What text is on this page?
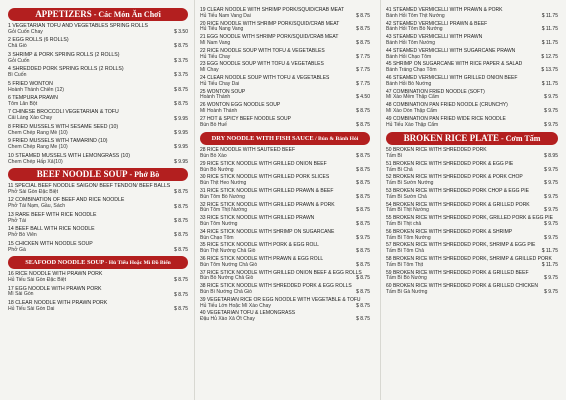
APPETIZERS - Các Món Ăn Chơi
1 VEGETARIAN TOFU AND VEGETABLES SPRING ROLLS
Gỏi Cuốn Chay	$ 3.50
2 EGG ROLLS (6 ROLLS)
Chả Giò	$ 8.75
3 SHRIMP & PORK SPRING ROLLS (2 ROLLS)
Gỏi Cuốn	$ 3.75
4 SHREDDED PORK SPRING ROLLS (2 ROLLS)
Bì Cuốn	$ 3.75
5 FRIED WONTON
Hoành Thánh Chiên (12)	$ 8.75
6 TEMPURA PRAWN
Tôm Lăn Bột	$ 8.75
7 CHINESE BROCCOLI VEGETARIAN & TOFU
Cải Làng Xào Chay	$ 9.95
8 FRIED MUSSELS WITH SESAME SEED (10)
Chem Chép Rang Mè (10)	$ 9.95
9 FRIED MUSSELS WITH TAMARIND (10)
Chem Chép Rang Me (10)	$ 9.95
10 STEAMED MUSSELS WITH LEMONGRASS (10)
Chem Chép Hấp Xả(10)	$ 9.95
BEEF NOODLE SOUP - Phở Bò
11 SPECIAL BEEF NOODLE SAIGON/ BEEF TENDON/ BEEF BALLS
Phở Sài Gòn Đặc Biệt	$ 8.75
12 COMBINATION OF BEEF AND RICE NOODLE
Phở Tái Nạm, Gầu, Sách	$ 8.75
13 RARE BEEF WITH RICE NOODLE
Phở Tái	$ 8.75
14 BEEF BALL WITH RICE NOODLE
Phở Bò Viên	$ 8.75
15 CHICKEN WITH NOODLE SOUP
Phở Gà	$ 8.75
SEAFOOD NOODLE SOUP - Hủ Tiếu Hoặc Mì Đồ Biển
16 RICE NOODLE WITH PRAWN PORK
Hủ Tiếu Sài Gòn Đặc Biệt	$ 8.75
17 EGG NOODLE WITH PRAWN PORK
Mì Sài Gòn	$ 8.75
18 CLEAR NOODLE WITH PRAWN PORK
Hủ Tiếu Sài Gòn Dai	$ 8.75
19 CLEAR NOODLE WITH SHRIMP PORK/SQUID/CRAB MEAT
Hủ Tiếu Nam Vang Dai	$ 8.75
20 RICE NOODLE WITH SHRIMP PORK/SQUID/CRAB MEAT
Hủ Tiếu Nang Vang	$ 8.75
21 EGG NOODLE WITH SHRIMP PORK/SQUID/CRAB MEAT
Mì Nam Vang	$ 8.75
22 RICE NOODLE SOUP WITH TOFU & VEGETABLES
Hủ Tiếu Chay	$ 7.75
23 EGG NOODLE SOUP WITH TOFU & VEGETABLES
Mì Chay	$ 7.75
24 CLEAR NOODLE SOUP WITH TOFU & VEGETABLES
Hủ Tiếu Chay Dai	$ 7.75
25 WONTON SOUP
Hoành Thánh	$ 4.50
26 WONTON EGG NOODLE SOUP
Mì Hoành Thánh	$ 8.75
27 HOT & SPICY BEEF NOODLE SOUP
Bún Bò Huế	$ 8.75
DRY NOODLE WITH FISH SAUCE / Bún & Bánh Hỏi
28 RICE NOODLE WITH SAUTEED BEEF
Bún Bò Xào	$ 8.75
29 RICE STICK NOODLE WITH GRILLED ONION BEEF
Bún Bò Nướng	$ 8.75
30 RICE STICK NOODLE WITH GRILLED PORK SLICES
Bún Thịt Heo Nướng	$ 8.75
31 RICE STICK NOODLE WITH GRILLED PRAWN & BEEF
Bún Tôm Bò Nướng	$ 8.75
32 RICE STICK NOODLE WITH GRILLED PRAWN & PORK
Bún Tôm Thịt Nướng	$ 8.75
33 RICE STICK NOODLE WITH GRILLED PRAWN
Bún Tôm Nướng	$ 8.75
34 RICE STICK NOODLE WITH SHRIMP ON SUGARCANE
Bún Chạo Tôm	$ 9.75
35 RICE STICK NOODLE WITH PORK & EGG ROLL
Bún Thịt Nướng Chả Giò	$ 8.75
36 RICE STICK NOODLE WITH PRAWN & EGG ROLL
Bún Tôm Nướng Chả Giò	$ 8.75
37 RICE STICK NOODLE WITH GRILLED ONION BEEF & EGG ROLLS
Bún Bò Nướng Chả Giò	$ 8.75
38 RICE STICK NOODLE WITH SHREDDED PORK & EGG ROLLS
Bún Bì Nướng Chả Giò	$ 8.75
39 VEGETARIAN RICE OR EGG NOODLE WITH VEGETABLE & TOFU
Hủ Tiếu Lớn Hoặc Mì Xào Chay	$ 8.75
40 VEGETARIAN TOFU & LEMONGRASS
Đậu Hủ Xào Xả Ớt Chay	$ 8.75
41 STEAMED VERMICELLI WITH PRAWN & PORK
Bánh Hỏi Tôm Thịt Nướng	$ 11.75
42 STEAMED VERMICELLI PRAWN & BEEF
Bánh Hỏi Tôm Bò Nướng	$ 11.75
43 STEAMED VERMICELLI WITH PRAWN
Bánh Hỏi Tôm Nướng	$ 11.75
44 STEAMED VERMICELLI WITH SUGARCANE PRAWN
Bánh Hỏi Chạo Tôm	$ 12.75
45 SHRIMP ON SUGARCANE WITH RICE PAPER & SALAD
Bánh Tráng Chạo Tôm	$ 13.75
46 STEAMED VERMICELLI WITH GRILLED ONION BEEF
Bánh Hỏi Bò Nướng	$ 11.75
47 COMBINATION FRIED NOODLE (SOFT)
Mì Xào Mềm Thập Cẩm	$ 9.75
48 COMBINATION PAN FRIED NOODLE (CRUNCHY)
Mì Xào Dòn Thập Cẩm	$ 9.75
49 COMBINATION PAN FRIED WIDE RICE NOODLE
Hủ Tiếu Xào Thập Cẩm	$ 9.75
BROKEN RICE PLATE - Cơm Tấm
50 BROKEN RICE WITH SHREDDED PORK
Tấm Bì	$ 8.95
51 BROKEN RICE WITH SHREDDED PORK & EGG PIE
Tấm Bì Chả	$ 9.75
52 BROKEN RICE WITH SHREDDED PORK & PORK CHOP
Tấm Bì Sườn Nướng	$ 9.75
53 BROKEN RICE WITH SHREDDED PORK CHOP & EGG PIE
Tấm Bì Sườn Chả	$ 9.75
54 BROKEN RICE WITH SHREDDED PORK & GRILLED PORK
Tấm Bì Thịt Nướng	$ 9.75
55 BROKEN RICE WITH SHREDDED PORK, GRILLED PORK & EGG PIE
Tấm Bì Thịt chả	$ 9.75
56 BROKEN RICE WITH SHREDDED PORK & SHRIMP
Tấm Bì Tôm Nướng	$ 9.75
57 BROKEN RICE WITH SHREDDED PORK, SHRIMP & EGG PIE
Tấm Bì Tôm Chả	$ 11.75
58 BROKEN RICE WITH SHREDDED PORK, SHRIMP & GRILLED PORK
Tấm Bì Tôm Thịt	$ 11.75
59 BROKEN RICE WITH SHREDDED PORK & GRILLED BEEF
Tấm Bì Bò Nướng	$ 9.75
60 BROKEN RICE WITH SHREDDED PORK & GRILLED CHICKEN
Tấm Bì Gà Nướng	$ 9.75
